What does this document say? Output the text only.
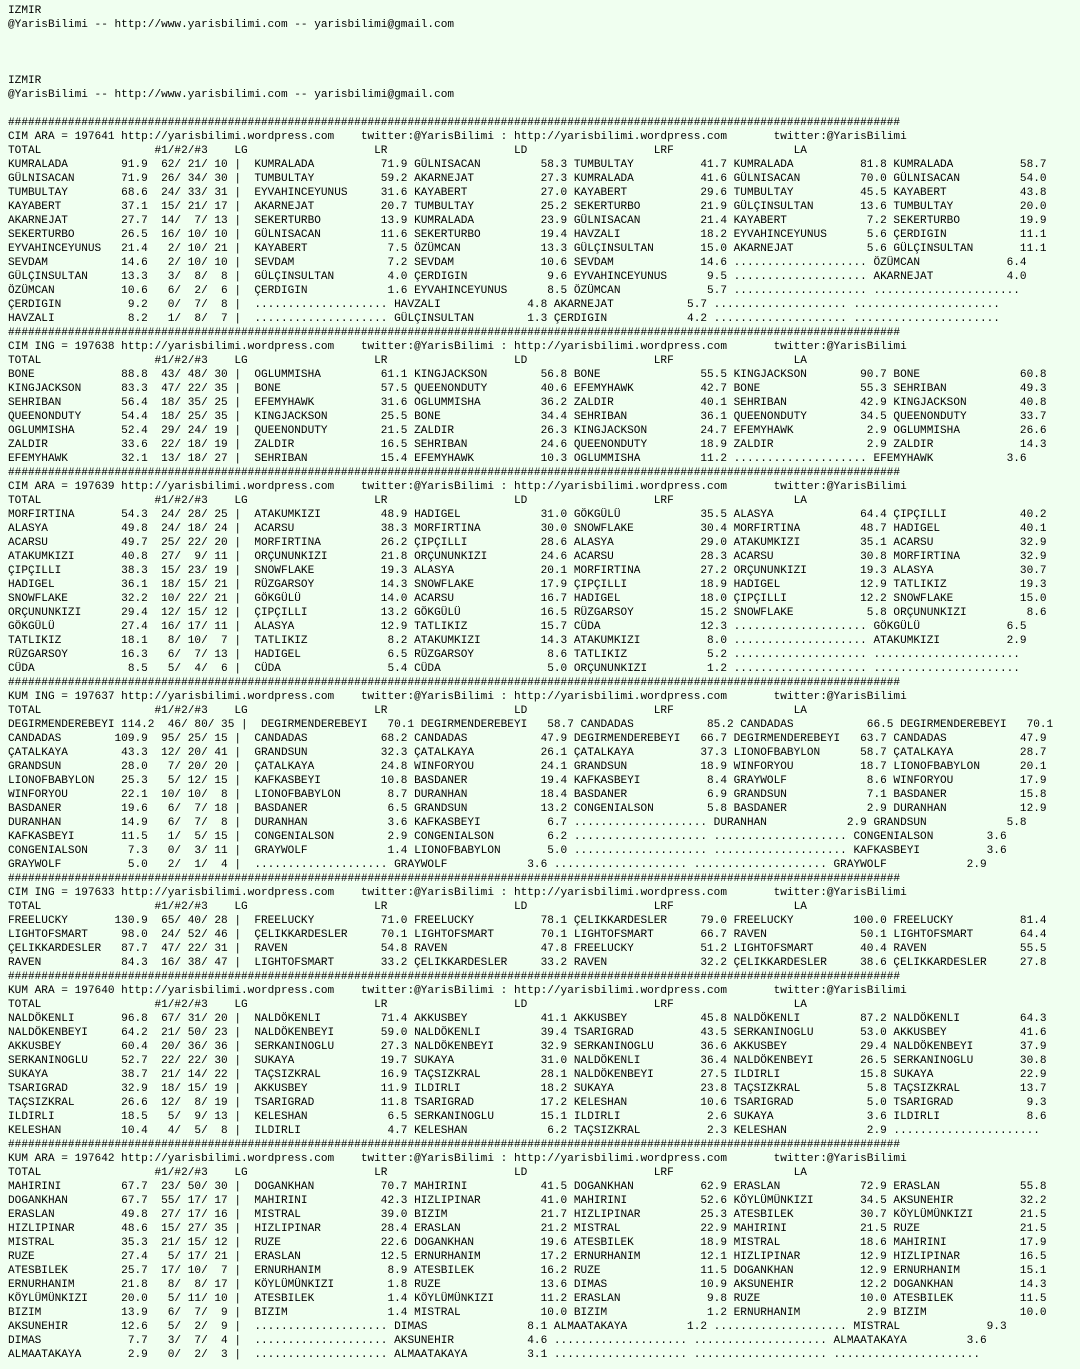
IZMIR
@YarisBilimi -- http://www.yarisbilimi.com -- yarisbilimi@gmail.com
IZMIR
@YarisBilimi -- http://www.yarisbilimi.com -- yarisbilimi@gmail.com
######################################################################################################################################
CIM ARA = 197641 http://yarisbilimi.wordpress.com    twitter:@YarisBilimi : http://yarisbilimi.wordpress.com       twitter:@YarisBilimi
TOTAL                 #1/#2/#3    LG                   LR                   LD                   LRF                  LA
KUMRALADA        91.9  62/ 21/ 10 |  KUMRALADA          71.9 GÜLNISACAN         58.3 TUMBULTAY          41.7 KUMRALADA          81.8 KUMRALADA          58.7
GÜLNISACAN       71.9  26/ 34/ 30 |  TUMBULTAY          59.2 AKARNEJAT          27.3 KUMRALADA          41.6 GÜLNISACAN         70.0 GÜLNISACAN         54.0
TUMBULTAY        68.6  24/ 33/ 31 |  EYVAHINCEYUNUS     31.6 KAYABERT           27.0 KAYABERT           29.6 TUMBULTAY          45.5 KAYABERT           43.8
KAYABERT         37.1  15/ 21/ 17 |  AKARNEJAT          20.7 TUMBULTAY          25.2 SEKERTURBO         21.9 GÜLÇINSULTAN       13.6 TUMBULTAY          20.0
AKARNEJAT        27.7  14/  7/ 13 |  SEKERTURBO         13.9 KUMRALADA          23.9 GÜLNISACAN         21.4 KAYABERT            7.2 SEKERTURBO         19.9
SEKERTURBO       26.5  16/ 10/ 10 |  GÜLNISACAN         11.6 SEKERTURBO         19.4 HAVZALI            18.2 EYVAHINCEYUNUS      5.6 ÇERDIGIN           11.1
EYVAHINCEYUNUS   21.4   2/ 10/ 21 |  KAYABERT            7.5 ÖZÜMCAN            13.3 GÜLÇINSULTAN       15.0 AKARNEJAT           5.6 GÜLÇINSULTAN       11.1
SEVDAM           14.6   2/ 10/ 10 |  SEVDAM              7.2 SEVDAM             10.6 SEVDAM             14.6 .................... ÖZÜMCAN             6.4
GÜLÇINSULTAN     13.3   3/  8/  8 |  GÜLÇINSULTAN        4.0 ÇERDIGIN            9.6 EYVAHINCEYUNUS      9.5 .................... AKARNEJAT           4.0
ÖZÜMCAN          10.6   6/  2/  6 |  ÇERDIGIN            1.6 EYVAHINCEYUNUS      8.5 ÖZÜMCAN             5.7 .................... ......................
ÇERDIGIN          9.2   0/  7/  8 |  .................... HAVZALI             4.8 AKARNEJAT           5.7 .................... ......................
HAVZALI           8.2   1/  8/  7 |  .................... GÜLÇINSULTAN        1.3 ÇERDIGIN            4.2 .................... ......................
######################################################################################################################################
CIM ING = 197638 http://yarisbilimi.wordpress.com    twitter:@YarisBilimi : http://yarisbilimi.wordpress.com       twitter:@YarisBilimi
TOTAL                 #1/#2/#3    LG                   LR                   LD                   LRF                  LA
BONE             88.8  43/ 48/ 30 |  OGLUMMISHA         61.1 KINGJACKSON        56.8 BONE               55.5 KINGJACKSON        90.7 BONE               60.8
KINGJACKSON      83.3  47/ 22/ 35 |  BONE               57.5 QUEENONDUTY        40.6 EFEMYHAWK          42.7 BONE               55.3 SEHRIBAN           49.3
SEHRIBAN         56.4  18/ 35/ 25 |  EFEMYHAWK          31.6 OGLUMMISHA         36.2 ZALDIR             40.1 SEHRIBAN           42.9 KINGJACKSON        40.8
QUEENONDUTY      54.4  18/ 25/ 35 |  KINGJACKSON        25.5 BONE               34.4 SEHRIBAN           36.1 QUEENONDUTY        34.5 QUEENONDUTY        33.7
OGLUMMISHA       52.4  29/ 24/ 19 |  QUEENONDUTY        21.5 ZALDIR             26.3 KINGJACKSON        24.7 EFEMYHAWK           2.9 OGLUMMISHA         26.6
ZALDIR           33.6  22/ 18/ 19 |  ZALDIR             16.5 SEHRIBAN           24.6 QUEENONDUTY        18.9 ZALDIR              2.9 ZALDIR             14.3
EFEMYHAWK        32.1  13/ 18/ 27 |  SEHRIBAN           15.4 EFEMYHAWK          10.3 OGLUMMISHA         11.2 .................... EFEMYHAWK           3.6
######################################################################################################################################
CIM ARA = 197639 http://yarisbilimi.wordpress.com    twitter:@YarisBilimi : http://yarisbilimi.wordpress.com       twitter:@YarisBilimi
TOTAL                 #1/#2/#3    LG                   LR                   LD                   LRF                  LA
MORFIRTINA       54.3  24/ 28/ 25 |  ATAKUMKIZI         48.9 HADIGEL            31.0 GÖKGÜLÜ            35.5 ALASYA             64.4 ÇIPÇILLI           40.2
ALASYA           49.8  24/ 18/ 24 |  ACARSU             38.3 MORFIRTINA         30.0 SNOWFLAKE          30.4 MORFIRTINA         48.7 HADIGEL            40.1
ACARSU           49.7  25/ 22/ 20 |  MORFIRTINA         26.2 ÇIPÇILLI           28.6 ALASYA             29.0 ATAKUMKIZI         35.1 ACARSU             32.9
ATAKUMKIZI       40.8  27/  9/ 11 |  ORÇUNUNKIZI        21.8 ORÇUNUNKIZI        24.6 ACARSU             28.3 ACARSU             30.8 MORFIRTINA         32.9
ÇIPÇILLI         38.3  15/ 23/ 19 |  SNOWFLAKE          19.3 ALASYA             20.1 MORFIRTINA         27.2 ORÇUNUNKIZI        19.3 ALASYA             30.7
HADIGEL          36.1  18/ 15/ 21 |  RÜZGARSOY          14.3 SNOWFLAKE          17.9 ÇIPÇILLI           18.9 HADIGEL            12.9 TATLIKIZ           19.3
SNOWFLAKE        32.2  10/ 22/ 21 |  GÖKGÜLÜ            14.0 ACARSU             16.7 HADIGEL            18.0 ÇIPÇILLI           12.2 SNOWFLAKE          15.0
ORÇUNUNKIZI      29.4  12/ 15/ 12 |  ÇIPÇILLI           13.2 GÖKGÜLÜ            16.5 RÜZGARSOY          15.2 SNOWFLAKE           5.8 ORÇUNUNKIZI         8.6
GÖKGÜLÜ          27.4  16/ 17/ 11 |  ALASYA             12.9 TATLIKIZ           15.7 CÜDA               12.3 .................... GÖKGÜLÜ             6.5
TATLIKIZ         18.1   8/ 10/  7 |  TATLIKIZ            8.2 ATAKUMKIZI         14.3 ATAKUMKIZI          8.0 .................... ATAKUMKIZI          2.9
RÜZGARSOY        16.3   6/  7/ 13 |  HADIGEL             6.5 RÜZGARSOY           8.6 TATLIKIZ            5.2 .................... ......................
CÜDA              8.5   5/  4/  6 |  CÜDA                5.4 CÜDA                5.0 ORÇUNUNKIZI         1.2 .................... ......................
######################################################################################################################################
KUM ING = 197637 http://yarisbilimi.wordpress.com    twitter:@YarisBilimi : http://yarisbilimi.wordpress.com       twitter:@YarisBilimi
TOTAL                 #1/#2/#3    LG                   LR                   LD                   LRF                  LA
DEGIRMENDEREBEYI 114.2  46/ 80/ 35 |  DEGIRMENDEREBEYI   70.1 DEGIRMENDEREBEYI   58.7 CANDADAS           85.2 CANDADAS           66.5 DEGIRMENDEREBEYI   70.1
CANDADAS        109.9  95/ 25/ 15 |  CANDADAS           68.2 CANDADAS           47.9 DEGIRMENDEREBEYI   66.7 DEGIRMENDEREBEYI   63.7 CANDADAS           47.9
ÇATALKAYA        43.3  12/ 20/ 41 |  GRANDSUN           32.3 ÇATALKAYA          26.1 ÇATALKAYA          37.3 LIONOFBABYLON      58.7 ÇATALKAYA          28.7
GRANDSUN         28.0   7/ 20/ 20 |  ÇATALKAYA          24.8 WINFORYOU          24.1 GRANDSUN           18.9 WINFORYOU          18.7 LIONOFBABYLON      20.1
LIONOFBABYLON    25.3   5/ 12/ 15 |  KAFKASBEYI         10.8 BASDANER           19.4 KAFKASBEYI          8.4 GRAYWOLF            8.6 WINFORYOU          17.9
WINFORYOU        22.1  10/ 10/  8 |  LIONOFBABYLON       8.7 DURANHAN           18.4 BASDANER            6.9 GRANDSUN            7.1 BASDANER           15.8
BASDANER         19.6   6/  7/ 18 |  BASDANER            6.5 GRANDSUN           13.2 CONGENIALSON        5.8 BASDANER            2.9 DURANHAN           12.9
DURANHAN         14.9   6/  7/  8 |  DURANHAN            3.6 KAFKASBEYI          6.7 .................... DURANHAN            2.9 GRANDSUN            5.8
KAFKASBEYI       11.5   1/  5/ 15 |  CONGENIALSON        2.9 CONGENIALSON        6.2 .................... .................... CONGENIALSON        3.6
CONGENIALSON      7.3   0/  3/ 11 |  GRAYWOLF            1.4 LIONOFBABYLON       5.0 .................... .................... KAFKASBEYI          3.6
GRAYWOLF          5.0   2/  1/  4 |  .................... GRAYWOLF            3.6 .................... .................... GRAYWOLF            2.9
######################################################################################################################################
CIM ING = 197633 http://yarisbilimi.wordpress.com    twitter:@YarisBilimi : http://yarisbilimi.wordpress.com       twitter:@YarisBilimi
TOTAL                 #1/#2/#3    LG                   LR                   LD                   LRF                  LA
FREELUCKY       130.9  65/ 40/ 28 |  FREELUCKY          71.0 FREELUCKY          78.1 ÇELIKKARDESLER     79.0 FREELUCKY         100.0 FREELUCKY          81.4
LIGHTOFSMART     98.0  24/ 52/ 46 |  ÇELIKKARDESLER     70.1 LIGHTOFSMART       70.1 LIGHTOFSMART       66.7 RAVEN              50.1 LIGHTOFSMART       64.4
ÇELIKKARDESLER   87.7  47/ 22/ 31 |  RAVEN              54.8 RAVEN              47.8 FREELUCKY          51.2 LIGHTOFSMART       40.4 RAVEN              55.5
RAVEN            84.3  16/ 38/ 47 |  LIGHTOFSMART       33.2 ÇELIKKARDESLER     33.2 RAVEN              32.2 ÇELIKKARDESLER     38.6 ÇELIKKARDESLER     27.8
######################################################################################################################################
KUM ARA = 197640 http://yarisbilimi.wordpress.com    twitter:@YarisBilimi : http://yarisbilimi.wordpress.com       twitter:@YarisBilimi
TOTAL                 #1/#2/#3    LG                   LR                   LD                   LRF                  LA
NALDÖKENLI       96.8  67/ 31/ 20 |  NALDÖKENLI         71.4 AKKUSBEY           41.1 AKKUSBEY           45.8 NALDÖKENLI         87.2 NALDÖKENLI         64.3
NALDÖKENBEYI     64.2  21/ 50/ 23 |  NALDÖKENBEYI       59.0 NALDÖKENLI         39.4 TSARIGRAD          43.5 SERKANINOGLU       53.0 AKKUSBEY           41.6
AKKUSBEY         60.4  20/ 36/ 36 |  SERKANINOGLU       27.3 NALDÖKENBEYI       32.9 SERKANINOGLU       36.6 AKKUSBEY           29.4 NALDÖKENBEYI       37.9
SERKANINOGLU     52.7  22/ 22/ 30 |  SUKAYA             19.7 SUKAYA             31.0 NALDÖKENLI         36.4 NALDÖKENBEYI       26.5 SERKANINOGLU       30.8
SUKAYA           38.7  21/ 14/ 22 |  TAÇSIZKRAL         16.9 TAÇSIZKRAL         28.1 NALDÖKENBEYI       27.5 ILDIRLI            15.8 SUKAYA             22.9
TSARIGRAD        32.9  18/ 15/ 19 |  AKKUSBEY           11.9 ILDIRLI            18.2 SUKAYA             23.8 TAÇSIZKRAL          5.8 TAÇSIZKRAL         13.7
TAÇSIZKRAL       26.6  12/  8/ 19 |  TSARIGRAD          11.8 TSARIGRAD          17.2 KELESHAN           10.6 TSARIGRAD           5.0 TSARIGRAD           9.3
ILDIRLI          18.5   5/  9/ 13 |  KELESHAN            6.5 SERKANINOGLU       15.1 ILDIRLI             2.6 SUKAYA              3.6 ILDIRLI             8.6
KELESHAN         10.4   4/  5/  8 |  ILDIRLI             4.7 KELESHAN            6.2 TAÇSIZKRAL          2.3 KELESHAN            2.9 ......................
######################################################################################################################################
KUM ARA = 197642 http://yarisbilimi.wordpress.com    twitter:@YarisBilimi : http://yarisbilimi.wordpress.com       twitter:@YarisBilimi
TOTAL                 #1/#2/#3    LG                   LR                   LD                   LRF                  LA
MAHIRINI         67.7  23/ 50/ 30 |  DOGANKHAN          70.7 MAHIRINI           41.5 DOGANKHAN          62.9 ERASLAN            72.9 ERASLAN            55.8
DOGANKHAN        67.7  55/ 17/ 17 |  MAHIRINI           42.3 HIZLIPINAR         41.0 MAHIRINI           52.6 KÖYLÜMÜNKIZI       34.5 AKSUNEHIR          32.2
ERASLAN          49.8  27/ 17/ 16 |  MISTRAL            39.0 BIZIM              21.7 HIZLIPINAR         25.3 ATESBILEK          30.7 KÖYLÜMÜNKIZI       21.5
HIZLIPINAR       48.6  15/ 27/ 35 |  HIZLIPINAR         28.4 ERASLAN            21.2 MISTRAL            22.9 MAHIRINI           21.5 RUZE               21.5
MISTRAL          35.3  21/ 15/ 12 |  RUZE               22.6 DOGANKHAN          19.6 ATESBILEK          18.9 MISTRAL            18.6 MAHIRINI           17.9
RUZE             27.4   5/ 17/ 21 |  ERASLAN            12.5 ERNURHANIM         17.2 ERNURHANIM         12.1 HIZLIPINAR         12.9 HIZLIPINAR         16.5
ATESBILEK        25.7  17/ 10/  7 |  ERNURHANIM          8.9 ATESBILEK          16.2 RUZE               11.5 DOGANKHAN          12.9 ERNURHANIM         15.1
ERNURHANIM       21.8   8/  8/ 17 |  KÖYLÜMÜNKIZI        1.8 RUZE               13.6 DIMAS              10.9 AKSUNEHIR          12.2 DOGANKHAN          14.3
KÖYLÜMÜNKIZI     20.0   5/ 11/ 10 |  ATESBILEK           1.4 KÖYLÜMÜNKIZI       11.2 ERASLAN             9.8 RUZE               10.0 ATESBILEK          11.5
BIZIM            13.9   6/  7/  9 |  BIZIM               1.4 MISTRAL            10.0 BIZIM               1.2 ERNURHANIM          2.9 BIZIM              10.0
AKSUNEHIR        12.6   5/  2/  9 |  .................... DIMAS               8.1 ALMAATAKAYA         1.2 .................... MISTRAL             9.3
DIMAS             7.7   3/  7/  4 |  .................... AKSUNEHIR           4.6 .................... .................... ALMAATAKAYA         3.6
ALMAATAKAYA       2.9   0/  2/  3 |  .................... ALMAATAKAYA         3.1 .................... .................... ......................
